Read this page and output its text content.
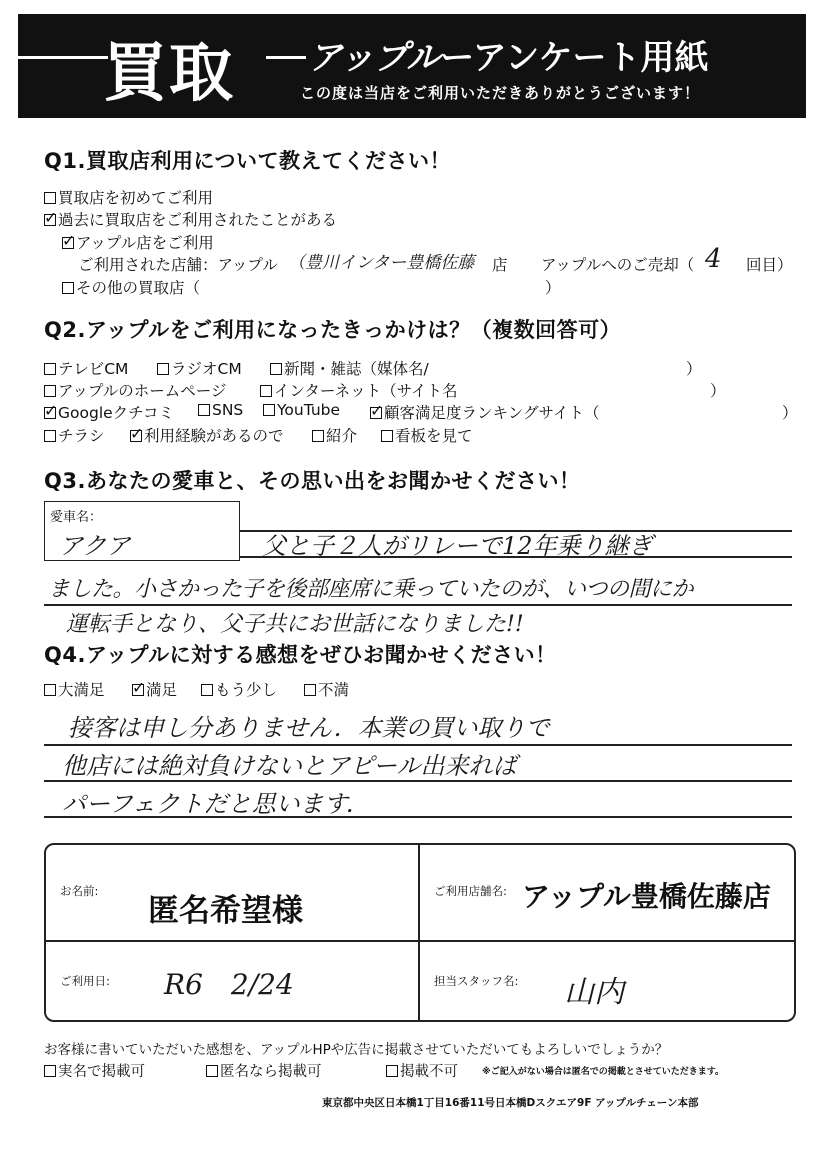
買取 アップルーアンケート用紙
この度は当店をご利用いただきありがとうございます！
Q1.買取店利用について教えてください！
買取店を初めてご利用
✓過去に買取店をご利用されたことがある
✓アップル店をご利用
ご利用された店舗：アップル （豊川インター豊橋佐藤 店 アップルへのご売却（ 4 回目）
その他の買取店（	）
Q2.アップルをご利用になったきっかけは？（複数回答可）
テレビCM	ラジオCM	新聞・雑誌（媒体名/	）
アップルのホームページ	インターネット（サイト名	）
✓Googleクチコミ	SNS	YouTube ✓	顧客満足度ランキングサイト（	）
チラシ ✓	利用経験があるので	紹介	看板を見て
Q3.あなたの愛車と、その思い出をお聞かせください！
愛車名：
アクア	父と子２人がリレーで12年乗り継ぎ
ました。小さかった子を後部座席に乗っていたのが、いつの間にか
運転手となり、父子共にお世話になりました!!
Q4.アップルに対する感想をぜひお聞かせください！
大満足 ✓	満足	もう少し	不満
接客は申し分ありません．本業の買い取りで
他店には絶対負けないとアピール出来れば
パーフェクトだと思います．
お名前:
匿名希望様
ご利用店舗名: アップル豊橋佐藤店
ご利用日: R6　2/24	担当スタッフ名: 山内
お客様に書いていただいた感想を、アップルHPや広告に掲載させていただいてもよろしいでしょうか？
実名で掲載可	匿名なら掲載可	掲載不可	※ご記入がない場合は匿名での掲載とさせていただきます。
東京都中央区日本橋1丁目16番11号日本橋Dスクエア9F アップルチェーン本部
